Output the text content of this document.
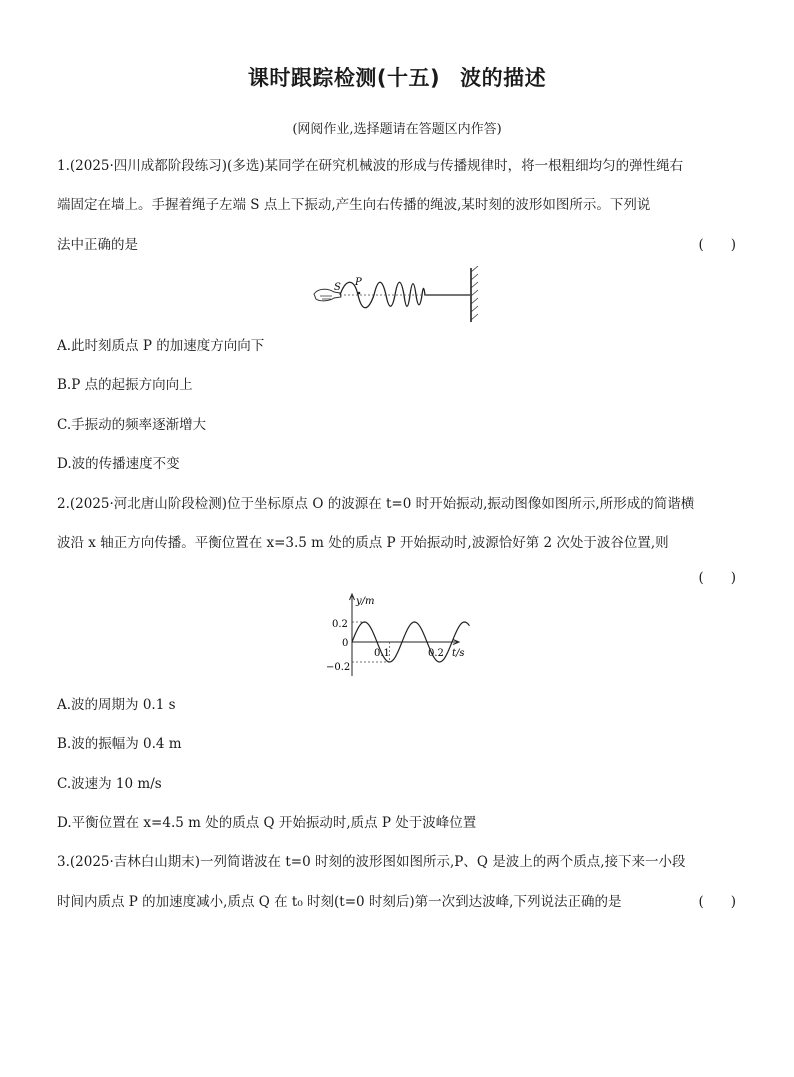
课时跟踪检测(十五) 波的描述
(网阅作业,选择题请在答题区内作答)
1.(2025·四川成都阶段练习)(多选)某同学在研究机械波的形成与传播规律时，将一根粗细均匀的弹性绳右
端固定在墙上。手握着绳子左端 S 点上下振动,产生向右传播的绳波,某时刻的波形如图所示。下列说
法中正确的是	(　　)
S P
A.此时刻质点 P 的加速度方向向下
B.P 点的起振方向向上
C.手振动的频率逐渐增大
D.波的传播速度不变
2.(2025·河北唐山阶段检测)位于坐标原点 O 的波源在 t=0 时开始振动,振动图像如图所示,所形成的简谐横
波沿 x 轴正方向传播。平衡位置在 x=3.5 m 处的质点 P 开始振动时,波源恰好第 2 次处于波谷位置,则
(　　)
y/m
t/s
0
0.2
−0.2
0.1	0.2
A.波的周期为 0.1 s
B.波的振幅为 0.4 m
C.波速为 10 m/s
D.平衡位置在 x=4.5 m 处的质点 Q 开始振动时,质点 P 处于波峰位置
3.(2025·吉林白山期末)一列简谐波在 t=0 时刻的波形图如图所示,P、Q 是波上的两个质点,接下来一小段
时间内质点 P 的加速度减小,质点 Q 在 t₀ 时刻(t=0 时刻后)第一次到达波峰,下列说法正确的是	(　　)
